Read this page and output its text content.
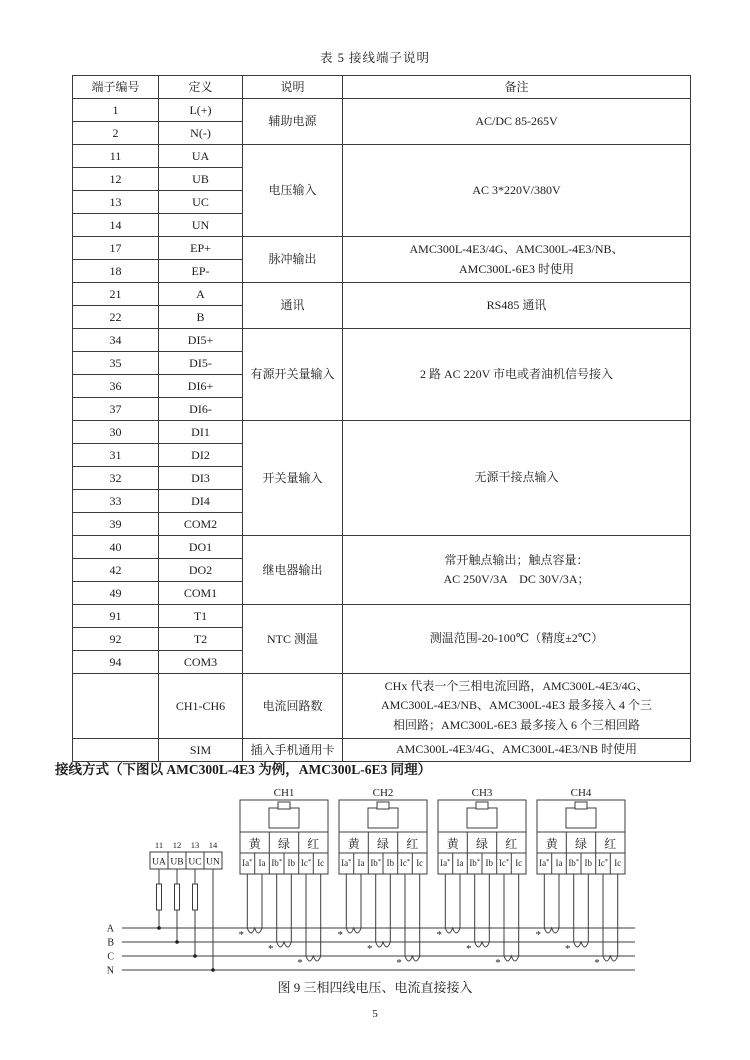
表 5 接线端子说明
端子编号	定义	说明	备注
1	L(+)	辅助电源	AC/DC 85-265V

2	N(-)		
11	UA	电压输入	AC 3*220V/380V

12	UB		
13	UC		
14	UN		
17	EP+	脉冲输出	AMC300L-4E3/4G、AMC300L-4E3/NB、
AMC300L-6E3 时使用

18	EP-		
21	A	通讯	RS485 通讯

22	B		
34	DI5+	有源开关量输入	2 路 AC 220V 市电或者油机信号接入

35	DI5-		
36	DI6+		
37	DI6-		
30	DI1	开关量输入	无源干接点输入

31	DI2		
32	DI3		
33	DI4		
39	COM2		
40	DO1	继电器输出	常开触点输出；触点容量：
AC 250V/3A    DC 30V/3A；

42	DO2		
49	COM1		
91	T1	NTC 测温	测温范围-20-100℃（精度±2℃）

92	T2		
94	COM3		
	CH1-CH6	电流回路数	CHx 代表一个三相电流回路，AMC300L-4E3/4G、
AMC300L-4E3/NB、AMC300L-4E3 最多接入 4 个三
相回路；AMC300L-6E3 最多接入 6 个三相回路

	SIM	插入手机通用卡	AMC300L-4E3/4G、AMC300L-4E3/NB 时使用
接线方式（下图以 AMC300L-4E3 为例，AMC300L-6E3 同理）
A
B
C
N
11 12 13 14
UA UB UC UN
CH1
黄 绿 红
Ia* Ia Ib* Ib Ic* Ic
*
*
*
CH2
黄 绿 红
Ia* Ia Ib* Ib Ic* Ic
*
*
*
CH3
黄 绿 红
Ia* Ia Ib* Ib Ic* Ic
*
*
*
CH4
黄 绿 红
Ia* Ia Ib* Ib Ic* Ic
*
*
*
图 9 三相四线电压、电流直接接入
5
